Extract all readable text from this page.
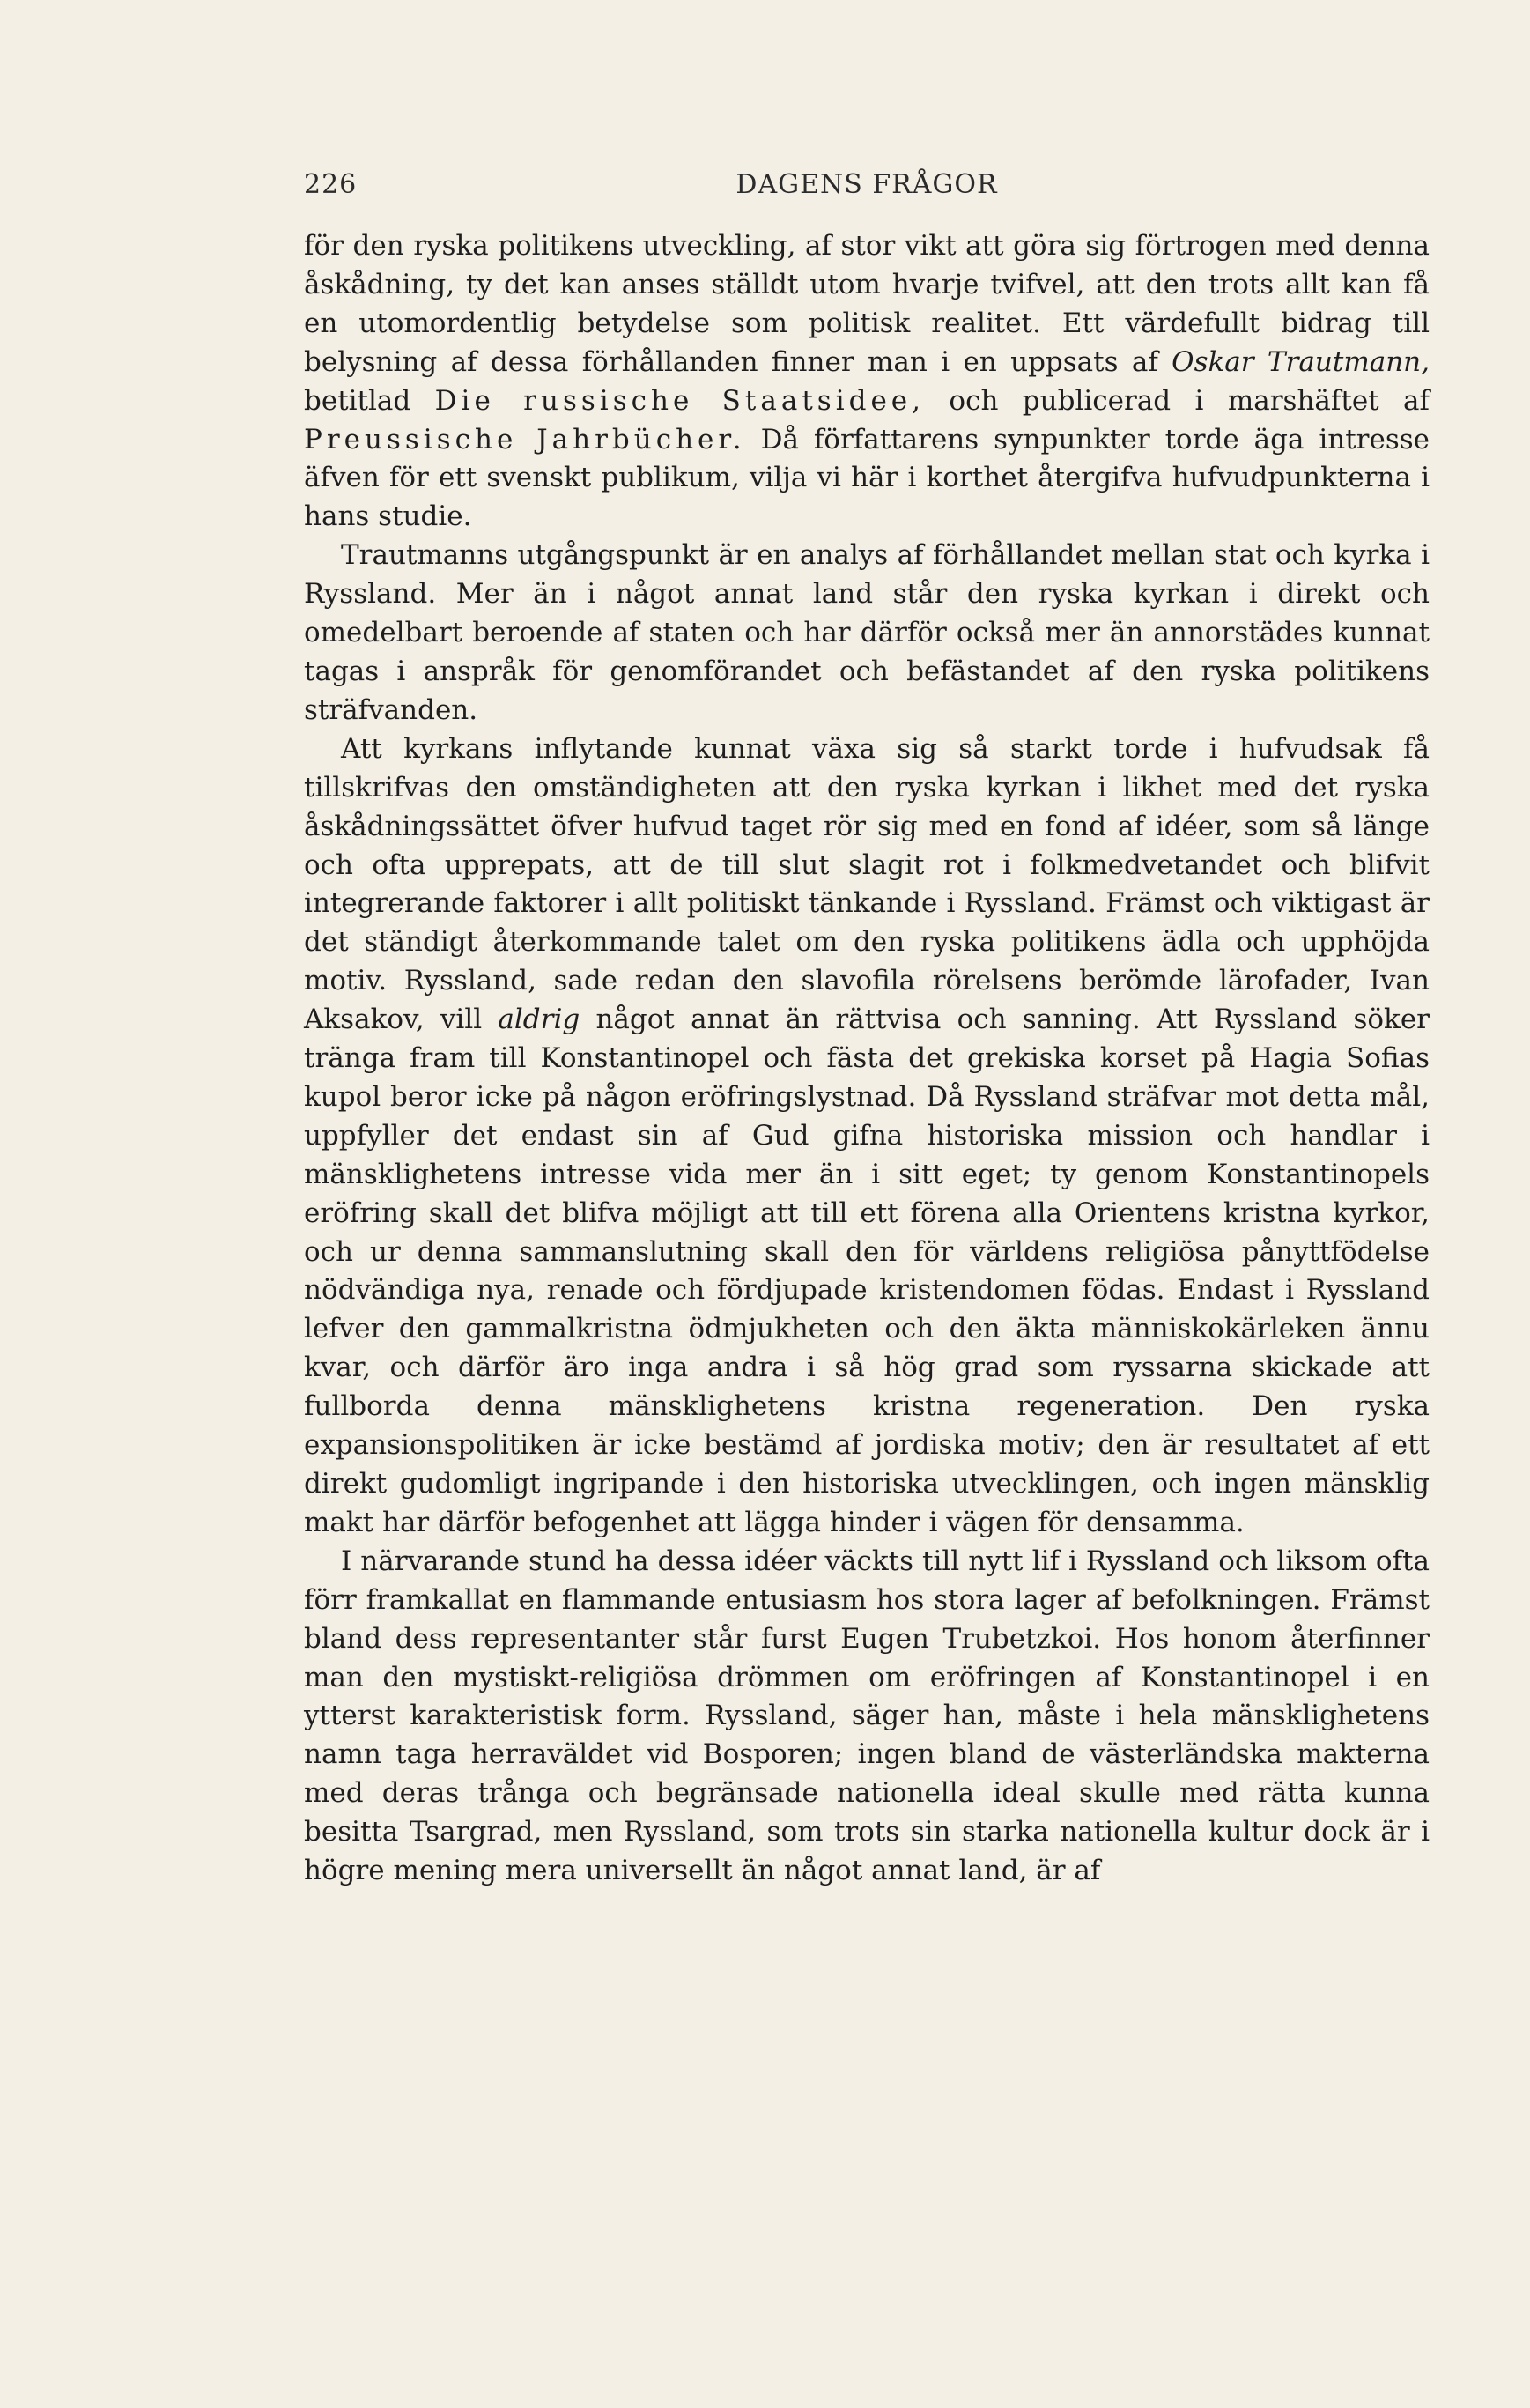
226	DAGENS FRÅGOR

för den ryska politikens utveckling, af stor vikt att göra sig förtrogen med denna åskådning, ty det kan anses ställdt utom hvarje tvifvel, att den trots allt kan få en utomordentlig betydelse som politisk realitet. Ett värdefullt bidrag till belysning af dessa förhållanden finner man i en uppsats af Oskar Trautmann, betitlad Die russische Staatsidee, och publicerad i marshäftet af Preussische Jahrbücher. Då författarens synpunkter torde äga intresse äfven för ett svenskt publikum, vilja vi här i korthet återgifva hufvudpunkterna i hans studie.

Trautmanns utgångspunkt är en analys af förhållandet mellan stat och kyrka i Ryssland. Mer än i något annat land står den ryska kyrkan i direkt och omedelbart beroende af staten och har därför också mer än annorstädes kunnat tagas i anspråk för genomförandet och befästandet af den ryska politikens sträfvanden.

Att kyrkans inflytande kunnat växa sig så starkt torde i hufvudsak få tillskrifvas den omständigheten att den ryska kyrkan i likhet med det ryska åskådningssättet öfver hufvud taget rör sig med en fond af idéer, som så länge och ofta upprepats, att de till slut slagit rot i folkmedvetandet och blifvit integrerande faktorer i allt politiskt tänkande i Ryssland. Främst och viktigast är det ständigt återkommande talet om den ryska politikens ädla och upphöjda motiv. Ryssland, sade redan den slavofila rörelsens berömde lärofader, Ivan Aksakov, vill aldrig något annat än rättvisa och sanning. Att Ryssland söker tränga fram till Konstantinopel och fästa det grekiska korset på Hagia Sofias kupol beror icke på någon eröfringslystnad. Då Ryssland sträfvar mot detta mål, uppfyller det endast sin af Gud gifna historiska mission och handlar i mänsklighetens intresse vida mer än i sitt eget; ty genom Konstantinopels eröfring skall det blifva möjligt att till ett förena alla Orientens kristna kyrkor, och ur denna sammanslutning skall den för världens religiösa pånyttfödelse nödvändiga nya, renade och fördjupade kristendomen födas. Endast i Ryssland lefver den gammalkristna ödmjukheten och den äkta människokärleken ännu kvar, och därför äro inga andra i så hög grad som ryssarna skickade att fullborda denna mänsklighetens kristna regeneration. Den ryska expansionspolitiken är icke bestämd af jordiska motiv; den är resultatet af ett direkt gudomligt ingripande i den historiska utvecklingen, och ingen mänsklig makt har därför befogenhet att lägga hinder i vägen för densamma.

I närvarande stund ha dessa idéer väckts till nytt lif i Ryssland och liksom ofta förr framkallat en flammande entusiasm hos stora lager af befolkningen. Främst bland dess representanter står furst Eugen Trubetzkoi. Hos honom återfinner man den mystiskt-religiösa drömmen om eröfringen af Konstantinopel i en ytterst karakteristisk form. Ryssland, säger han, måste i hela mänsklighetens namn taga herraväldet vid Bosporen; ingen bland de västerländska makterna med deras trånga och begränsade nationella ideal skulle med rätta kunna besitta Tsargrad, men Ryssland, som trots sin starka nationella kultur dock är i högre mening mera universellt än något annat land, är af
